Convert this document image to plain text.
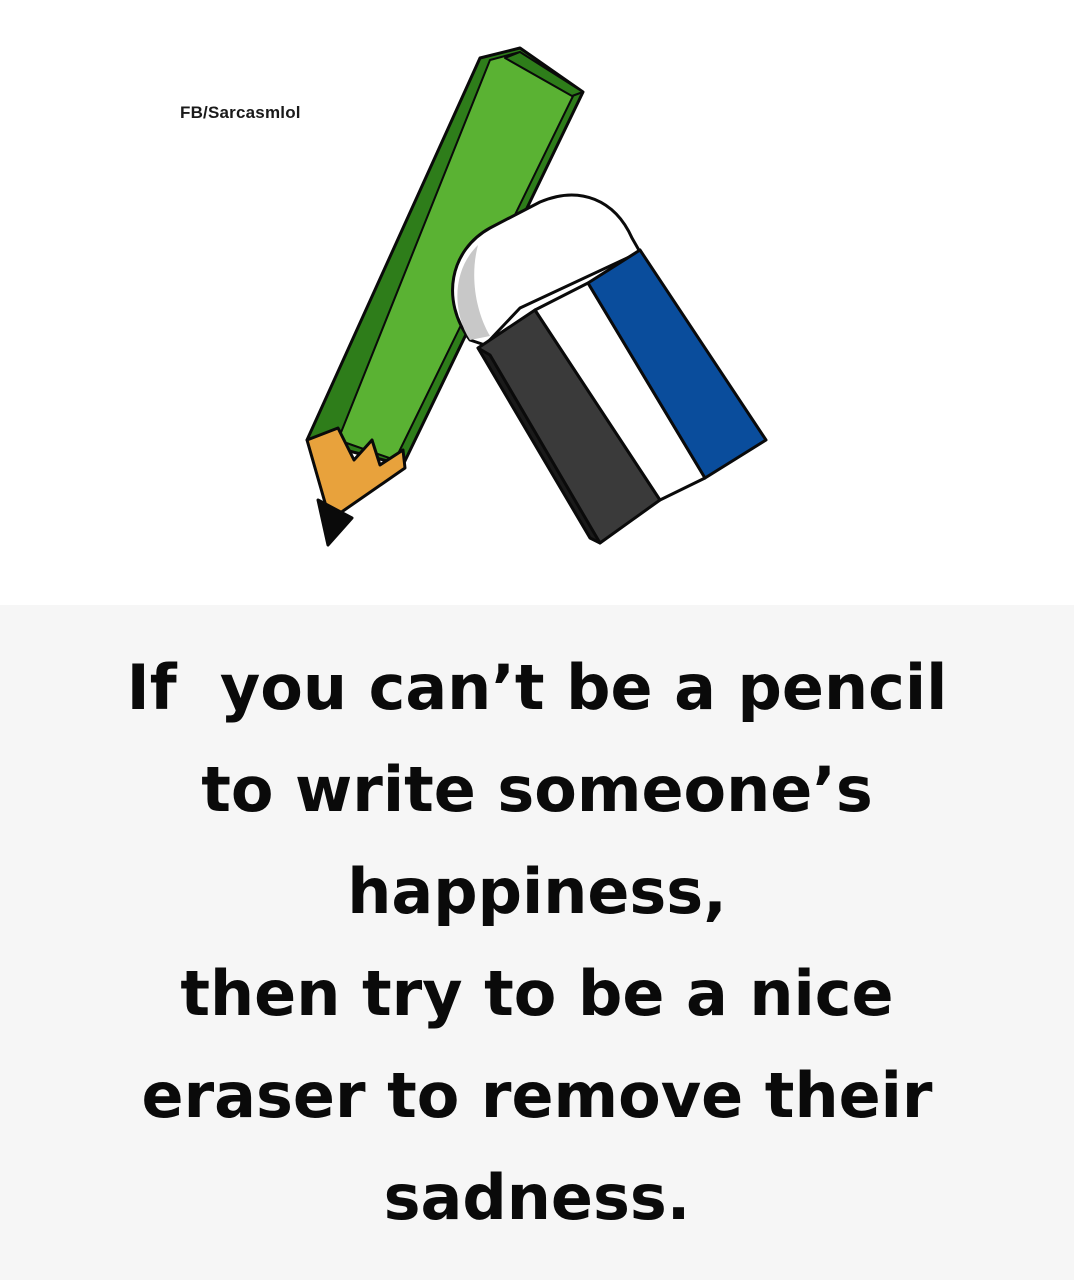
FB/Sarcasmlol

If  you can’t be a pencil
to write someone’s
happiness,
then try to be a nice
eraser to remove their
sadness.
